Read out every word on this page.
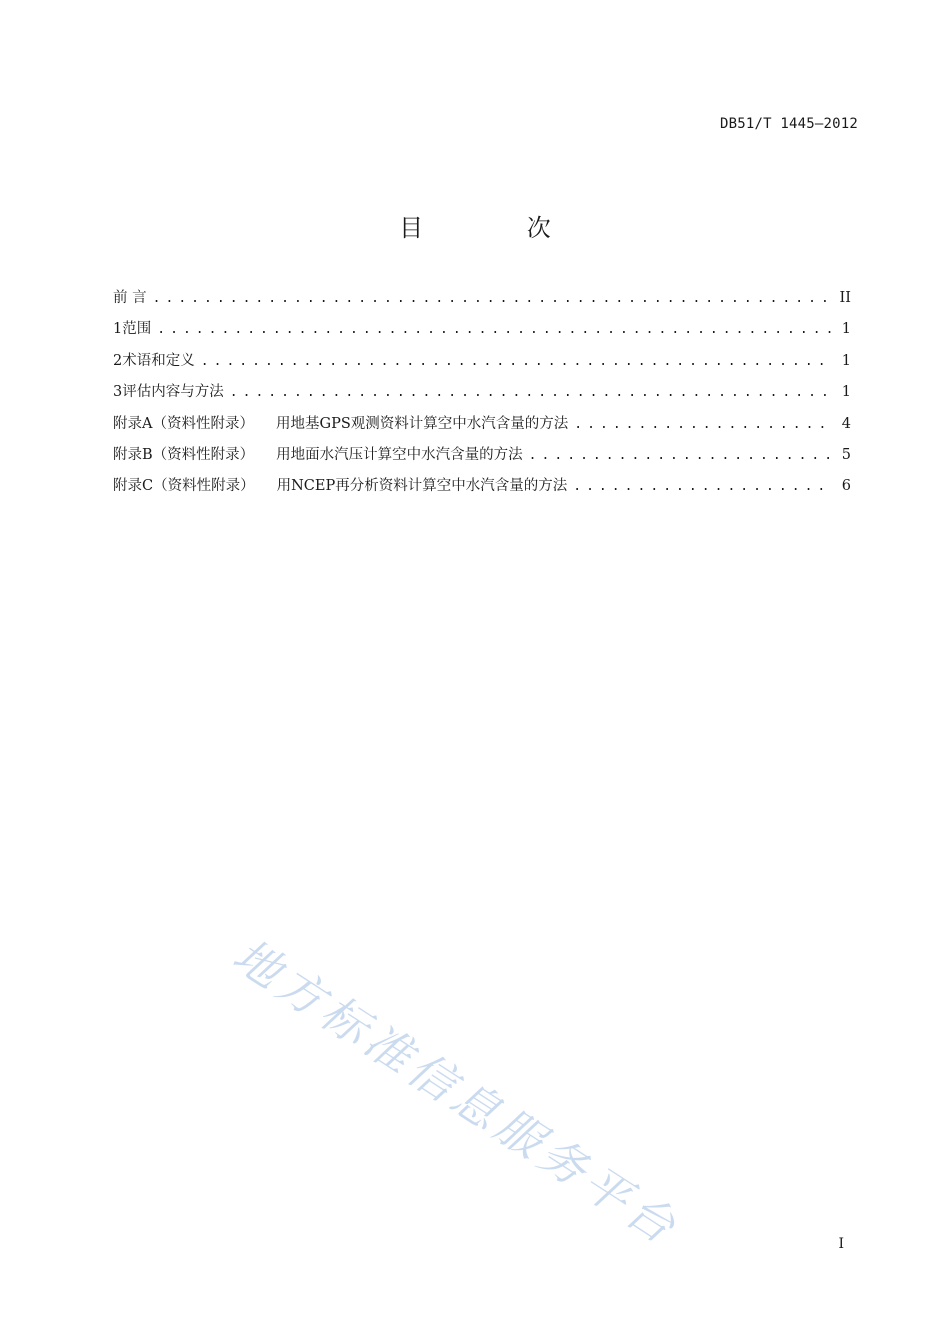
DB51/T 1445—2012
目 次
前 言 . . .	II
1 范围 . . .	1
2 术语和定义 . . .	1
3 评估内容与方法 . . .	1
附录A（资料性附录） 用地基GPS观测资料计算空中水汽含量的方法 . . .	4
附录B（资料性附录） 用地面水汽压计算空中水汽含量的方法 . . .	5
附录C（资料性附录） 用NCEP再分析资料计算空中水汽含量的方法 . . .	6
地方标准信息服务平台	I
